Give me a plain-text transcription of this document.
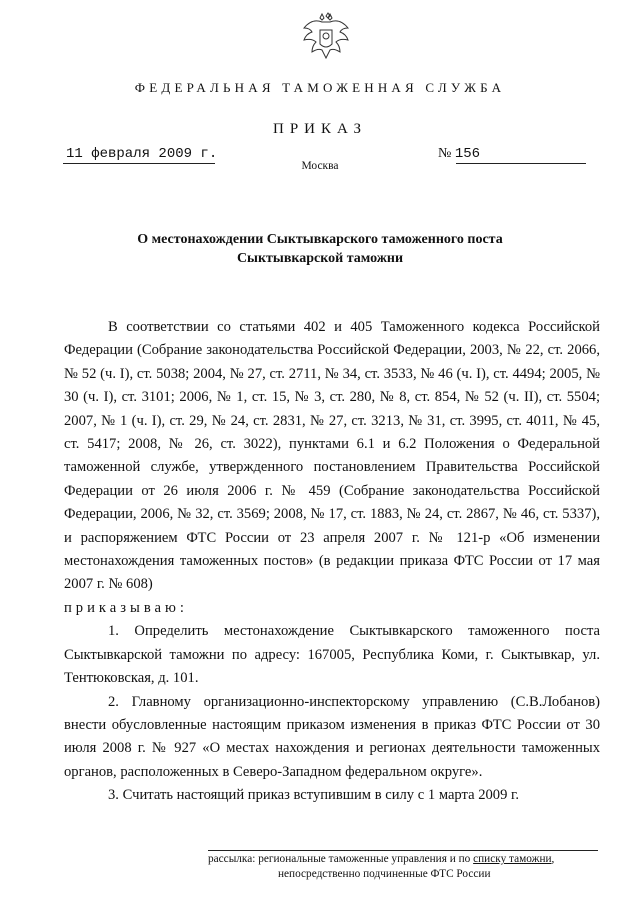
ФЕДЕРАЛЬНАЯ ТАМОЖЕННАЯ СЛУЖБА
ПРИКАЗ
11 февраля 2009 г.	№ 156
Москва
О местонахождении Сыктывкарского таможенного поста
Сыктывкарской таможни

В соответствии со статьями 402 и 405 Таможенного кодекса Российской Федерации (Собрание законодательства Российской Федерации, 2003, № 22, ст. 2066, № 52 (ч. I), ст. 5038; 2004, № 27, ст. 2711, № 34, ст. 3533, № 46 (ч. I), ст. 4494; 2005, № 30 (ч. I), ст. 3101; 2006, № 1, ст. 15, № 3, ст. 280, № 8, ст. 854, № 52 (ч. II), ст. 5504; 2007, № 1 (ч. I), ст. 29, № 24, ст. 2831, № 27, ст. 3213, № 31, ст. 3995, ст. 4011, № 45, ст. 5417; 2008, № 26, ст. 3022), пунктами 6.1 и 6.2 Положения о Федеральной таможенной службе, утвержденного постановлением Правительства Российской Федерации от 26 июля 2006 г. № 459 (Собрание законодательства Российской Федерации, 2006, № 32, ст. 3569; 2008, № 17, ст. 1883, № 24, ст. 2867, № 46, ст. 5337), и распоряжением ФТС России от 23 апреля 2007 г. № 121-р «Об изменении местонахождения таможенных постов» (в редакции приказа ФТС России от 17 мая 2007 г. № 608)

приказываю:

1. Определить местонахождение Сыктывкарского таможенного поста Сыктывкарской таможни по адресу: 167005, Республика Коми, г. Сыктывкар, ул. Тентюковская, д. 101.

2. Главному организационно-инспекторскому управлению (С.В.Лобанов) внести обусловленные настоящим приказом изменения в приказ ФТС России от 30 июля 2008 г. № 927 «О местах нахождения и регионах деятельности таможенных органов, расположенных в Северо-Западном федеральном округе».

3. Считать настоящий приказ вступившим в силу с 1 марта 2009 г.

рассылка: региональные таможенные управления и по списку таможни,
непосредственно подчиненные ФТС России
